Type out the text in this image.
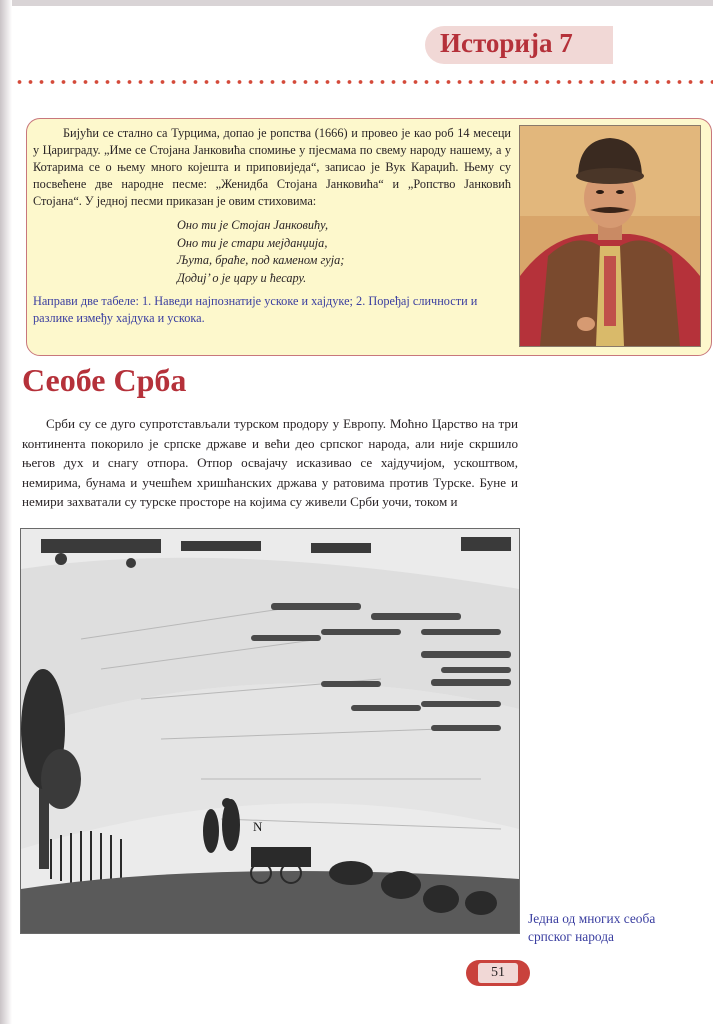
Историја 7

Бијући се стално са Турцима, допао је ропства (1666) и провео је као роб 14 месеци у Цариграду. „Име се Стојана Јанковића спомиње у пјесмама по свему народу нашему, а у Котарима се о њему много којешта и приповиједа“, записао је Вук Караџић. Њему су посвећене две народне песме: „Женидба Стојана Јанковића“ и „Ропство Јанковић Стојана“. У једној песми приказан је овим стиховима:

Оно ти је Стојан Јанковићу,
Оно ти је стари мејданџија,
Љута, браће, под каменом гуја;
Додиј’ о је цару и ћесару.

Направи две табеле: 1. Наведи најпознатије ускоке и хајдуке; 2. Поређај сличности и разлике између хајдука и ускока.

Сеобе Срба

Срби су се дуго супротстављали турском продору у Европу. Моћно Царство на три континента покорило је српске државе и већи део српског народа, али није скршило његов дух и снагу отпора. Отпор освајачу исказивао се хајдучијом, ускоштвом, немирима, бунама и учешћем хришћанских држава у ратовима против Турске. Буне и немири захватали су турске просторе на којима су живели Срби уочи, током и

N
Једна од многих сеоба српског народа
51
